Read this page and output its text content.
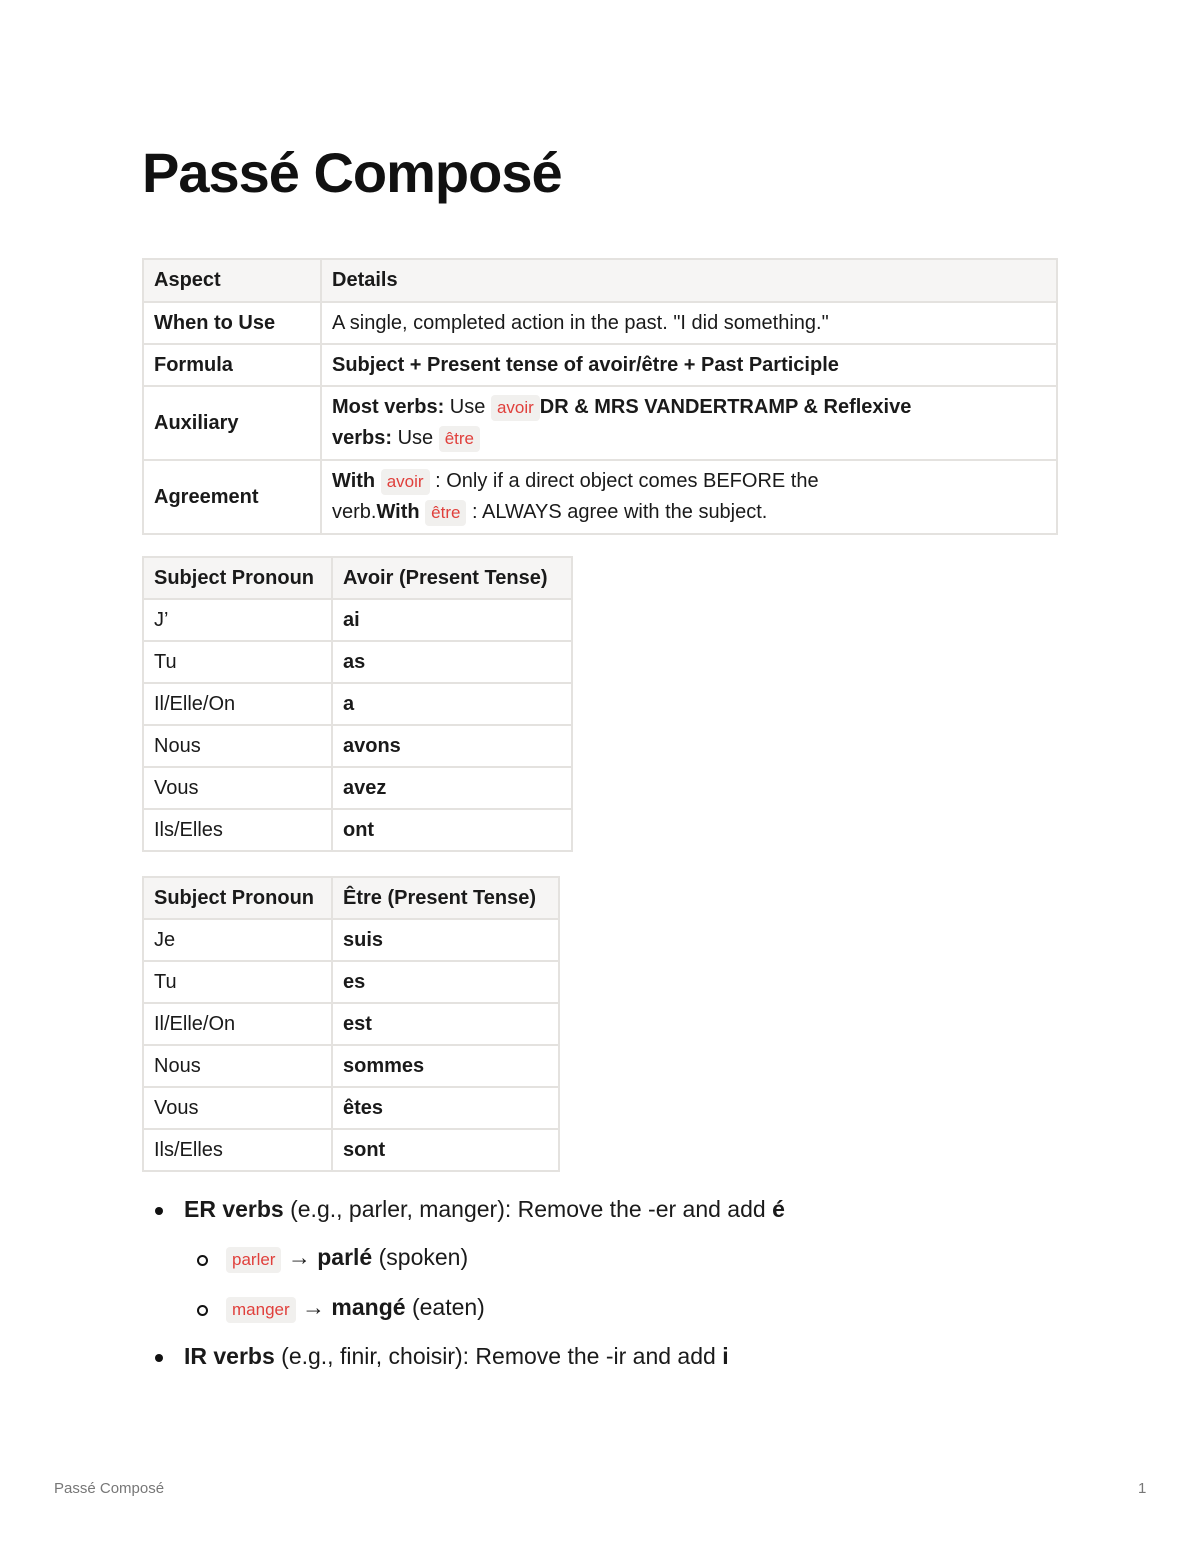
Passé Composé
Aspect	Details
When to Use	A single, completed action in the past. "I did something."
Formula	Subject + Present tense of avoir/être + Past Participle
Auxiliary	Most verbs: Use avoir DR & MRS VANDERTRAMP & Reflexive
verbs: Use être
Agreement	With avoir : Only if a direct object comes BEFORE the
verb.With être : ALWAYS agree with the subject.
Subject Pronoun	Avoir (Present Tense)
J’	ai
Tu	as
Il/Elle/On	a
Nous	avons
Vous	avez
Ils/Elles	ont
Subject Pronoun	Être (Present Tense)
Je	suis
Tu	es
Il/Elle/On	est
Nous	sommes
Vous	êtes
Ils/Elles	sont
ER verbs (e.g., parler, manger): Remove the -er and add é
parler → parlé (spoken)
manger → mangé (eaten)
IR verbs (e.g., finir, choisir): Remove the -ir and add i
Passé Composé	1
